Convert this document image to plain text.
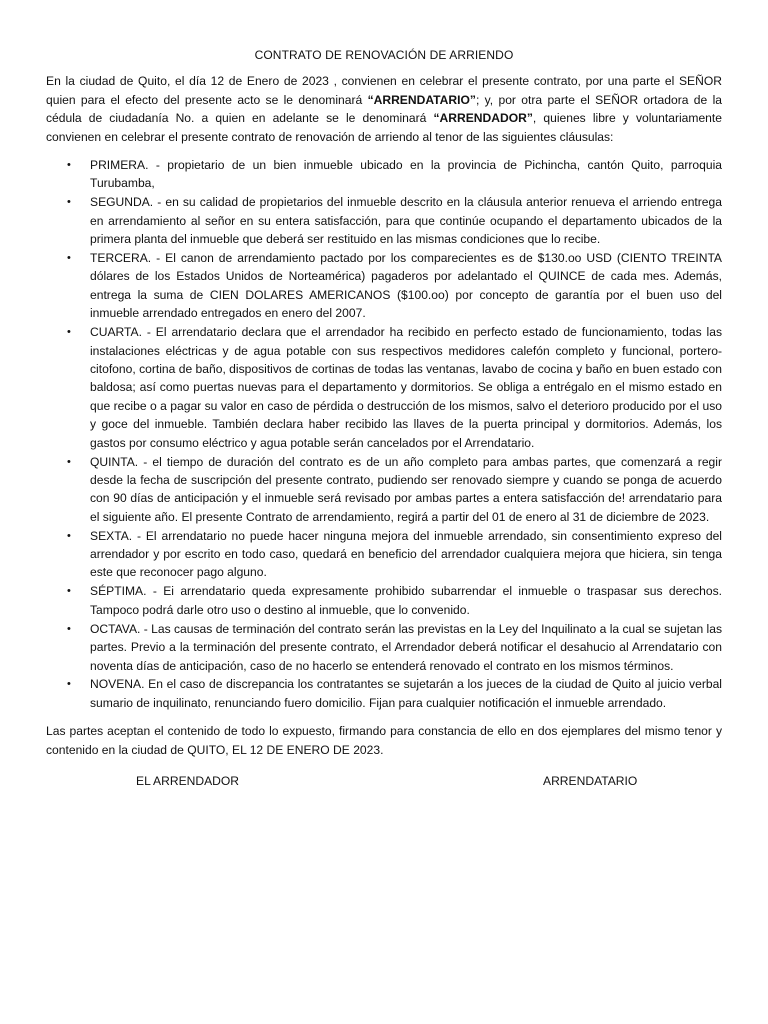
CONTRATO DE RENOVACIÓN DE ARRIENDO

En la ciudad de Quito, el día 12 de Enero de 2023 , convienen en celebrar el presente contrato, por una parte el SEÑOR quien para el efecto del presente acto se le denominará “ARRENDATARIO”; y, por otra parte el SEÑOR ortadora de la cédula de ciudadanía No. a quien en adelante se le denominará “ARRENDADOR”, quienes libre y voluntariamente convienen en celebrar el presente contrato de renovación de arriendo al tenor de las siguientes cláusulas:

• PRIMERA. - propietario de un bien inmueble ubicado en la provincia de Pichincha, cantón Quito, parroquia Turubamba,
• SEGUNDA. - en su calidad de propietarios del inmueble descrito en la cláusula anterior renueva el arriendo entrega en arrendamiento al señor en su entera satisfacción, para que continúe ocupando el departamento ubicados de la primera planta del inmueble que deberá ser restituido en las mismas condiciones que lo recibe.
• TERCERA. - El canon de arrendamiento pactado por los comparecientes es de $130.oo USD (CIENTO TREINTA dólares de los Estados Unidos de Norteamérica) pagaderos por adelantado el QUINCE de cada mes. Además, entrega la suma de CIEN DOLARES AMERICANOS ($100.oo) por concepto de garantía por el buen uso del inmueble arrendado entregados en enero del 2007.
• CUARTA. - El arrendatario declara que el arrendador ha recibido en perfecto estado de funcionamiento, todas las instalaciones eléctricas y de agua potable con sus respectivos medidores calefón completo y funcional, portero-citofono, cortina de baño, dispositivos de cortinas de todas las ventanas, lavabo de cocina y baño en buen estado con baldosa; así como puertas nuevas para el departamento y dormitorios. Se obliga a entrégalo en el mismo estado en que recibe o a pagar su valor en caso de pérdida o destrucción de los mismos, salvo el deterioro producido por el uso y goce del inmueble. También declara haber recibido las llaves de la puerta principal y dormitorios. Además, los gastos por consumo eléctrico y agua potable serán cancelados por el Arrendatario.
• QUINTA. - el tiempo de duración del contrato es de un año completo para ambas partes, que comenzará a regir desde la fecha de suscripción del presente contrato, pudiendo ser renovado siempre y cuando se ponga de acuerdo con 90 días de anticipación y el inmueble será revisado por ambas partes a entera satisfacción de! arrendatario para el siguiente año. El presente Contrato de arrendamiento, regirá a partir del 01 de enero al 31 de diciembre de 2023.
• SEXTA. - El arrendatario no puede hacer ninguna mejora del inmueble arrendado, sin consentimiento expreso del arrendador y por escrito en todo caso, quedará en beneficio del arrendador cualquiera mejora que hiciera, sin tenga este que reconocer pago alguno.
• SÉPTIMA. - Ei arrendatario queda expresamente prohibido subarrendar el inmueble o traspasar sus derechos. Tampoco podrá darle otro uso o destino al inmueble, que lo convenido.
• OCTAVA. - Las causas de terminación del contrato serán las previstas en la Ley del Inquilinato a la cual se sujetan las partes. Previo a la terminación del presente contrato, el Arrendador deberá notificar el desahucio al Arrendatario con noventa días de anticipación, caso de no hacerlo se entenderá renovado el contrato en los mismos términos.
• NOVENA. En el caso de discrepancia los contratantes se sujetarán a los jueces de la ciudad de Quito al juicio verbal sumario de inquilinato, renunciando fuero domicilio. Fijan para cualquier notificación el inmueble arrendado.

Las partes aceptan el contenido de todo lo expuesto, firmando para constancia de ello en dos ejemplares del mismo tenor y contenido en la ciudad de QUITO, EL 12 DE ENERO DE 2023.

EL ARRENDADOR	ARRENDATARIO
